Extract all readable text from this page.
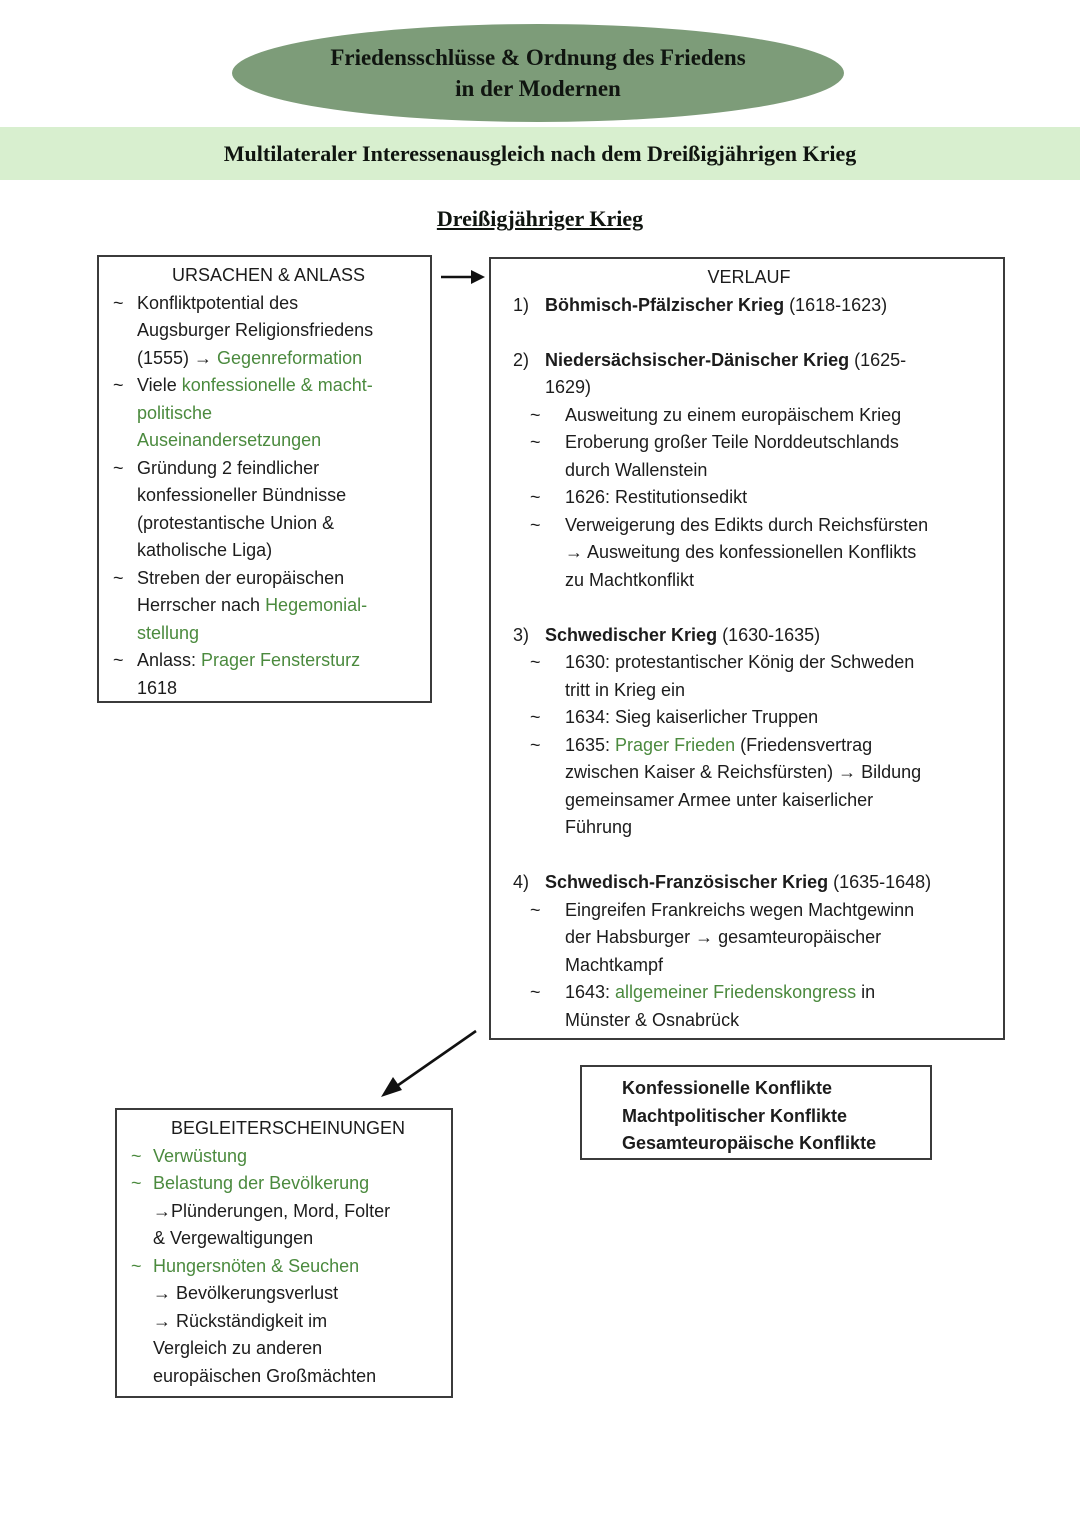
Friedensschlüsse & Ordnung des Friedens
in der Modernen
Multilateraler Interessenausgleich nach dem Dreißigjährigen Krieg
Dreißigjähriger Krieg
URSACHEN & ANLASS
~ Konfliktpotential des
Augsburger Religionsfriedens
(1555) → Gegenreformation
~ Viele konfessionelle & macht-
politische
Auseinandersetzungen
~ Gründung 2 feindlicher
konfessioneller Bündnisse
(protestantische Union &
katholische Liga)
~ Streben der europäischen
Herrscher nach Hegemonial-
stellung
~ Anlass: Prager Fenstersturz
1618
VERLAUF
1) Böhmisch-Pfälzischer Krieg (1618-1623)
2) Niedersächsischer-Dänischer Krieg (1625-
1629)
~	Ausweitung zu einem europäischem Krieg
~	Eroberung großer Teile Norddeutschlands
durch Wallenstein
~	1626: Restitutionsedikt
~	Verweigerung des Edikts durch Reichsfürsten
→ Ausweitung des konfessionellen Konflikts
zu Machtkonflikt
3) Schwedischer Krieg (1630-1635)
~	1630: protestantischer König der Schweden
tritt in Krieg ein
~	1634: Sieg kaiserlicher Truppen
~	1635: Prager Frieden (Friedensvertrag
zwischen Kaiser & Reichsfürsten) → Bildung
gemeinsamer Armee unter kaiserlicher
Führung
4) Schwedisch-Französischer Krieg (1635-1648)
~	Eingreifen Frankreichs wegen Machtgewinn
der Habsburger → gesamteuropäischer
Machtkampf
~	1643: allgemeiner Friedenskongress in
Münster & Osnabrück
Konfessionelle Konflikte
Machtpolitischer Konflikte
Gesamteuropäische Konflikte
BEGLEITERSCHEINUNGEN
~ Verwüstung
~ Belastung der Bevölkerung
→Plünderungen, Mord, Folter
& Vergewaltigungen
~ Hungersnöten & Seuchen
→ Bevölkerungsverlust
→ Rückständigkeit im
Vergleich zu anderen
europäischen Großmächten
